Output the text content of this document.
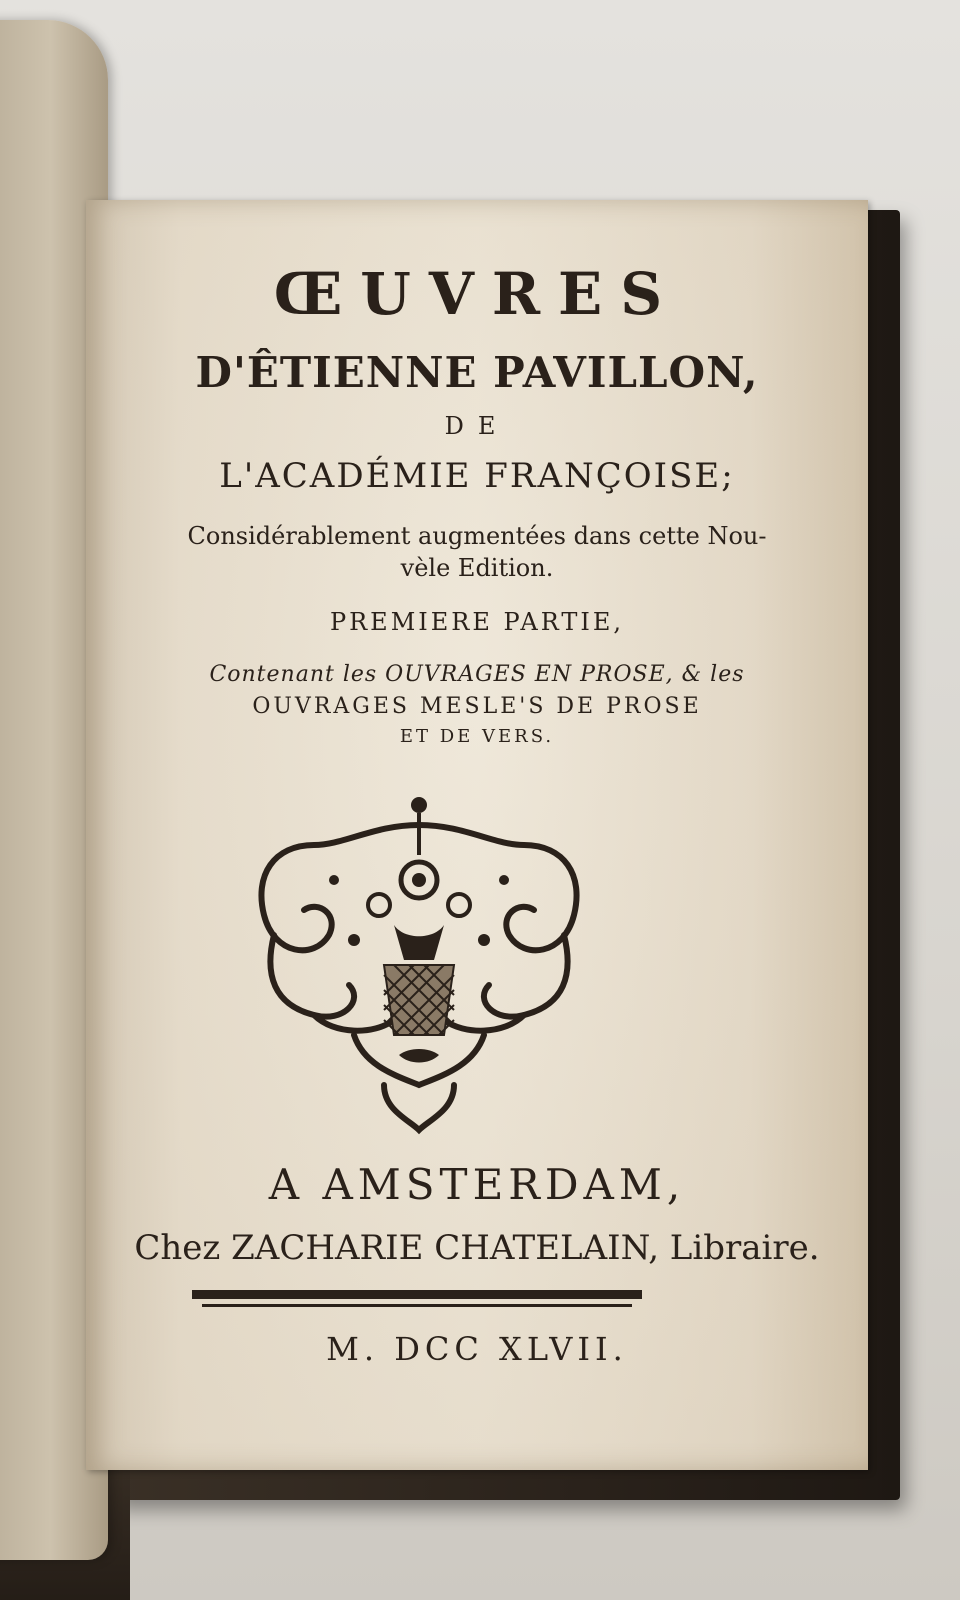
ŒUVRES
D'ÊTIENNE PAVILLON,
DE
L'ACADÉMIE FRANÇOISE;
Considérablement augmentées dans cette Nou-
vèle Edition.
PREMIERE PARTIE,
Contenant les OUVRAGES EN PROSE, & les
OUVRAGES MESLE'S DE PROSE
ET DE VERS.
A AMSTERDAM,
Chez ZACHARIE CHATELAIN, Libraire.
M. DCC XLVII.
